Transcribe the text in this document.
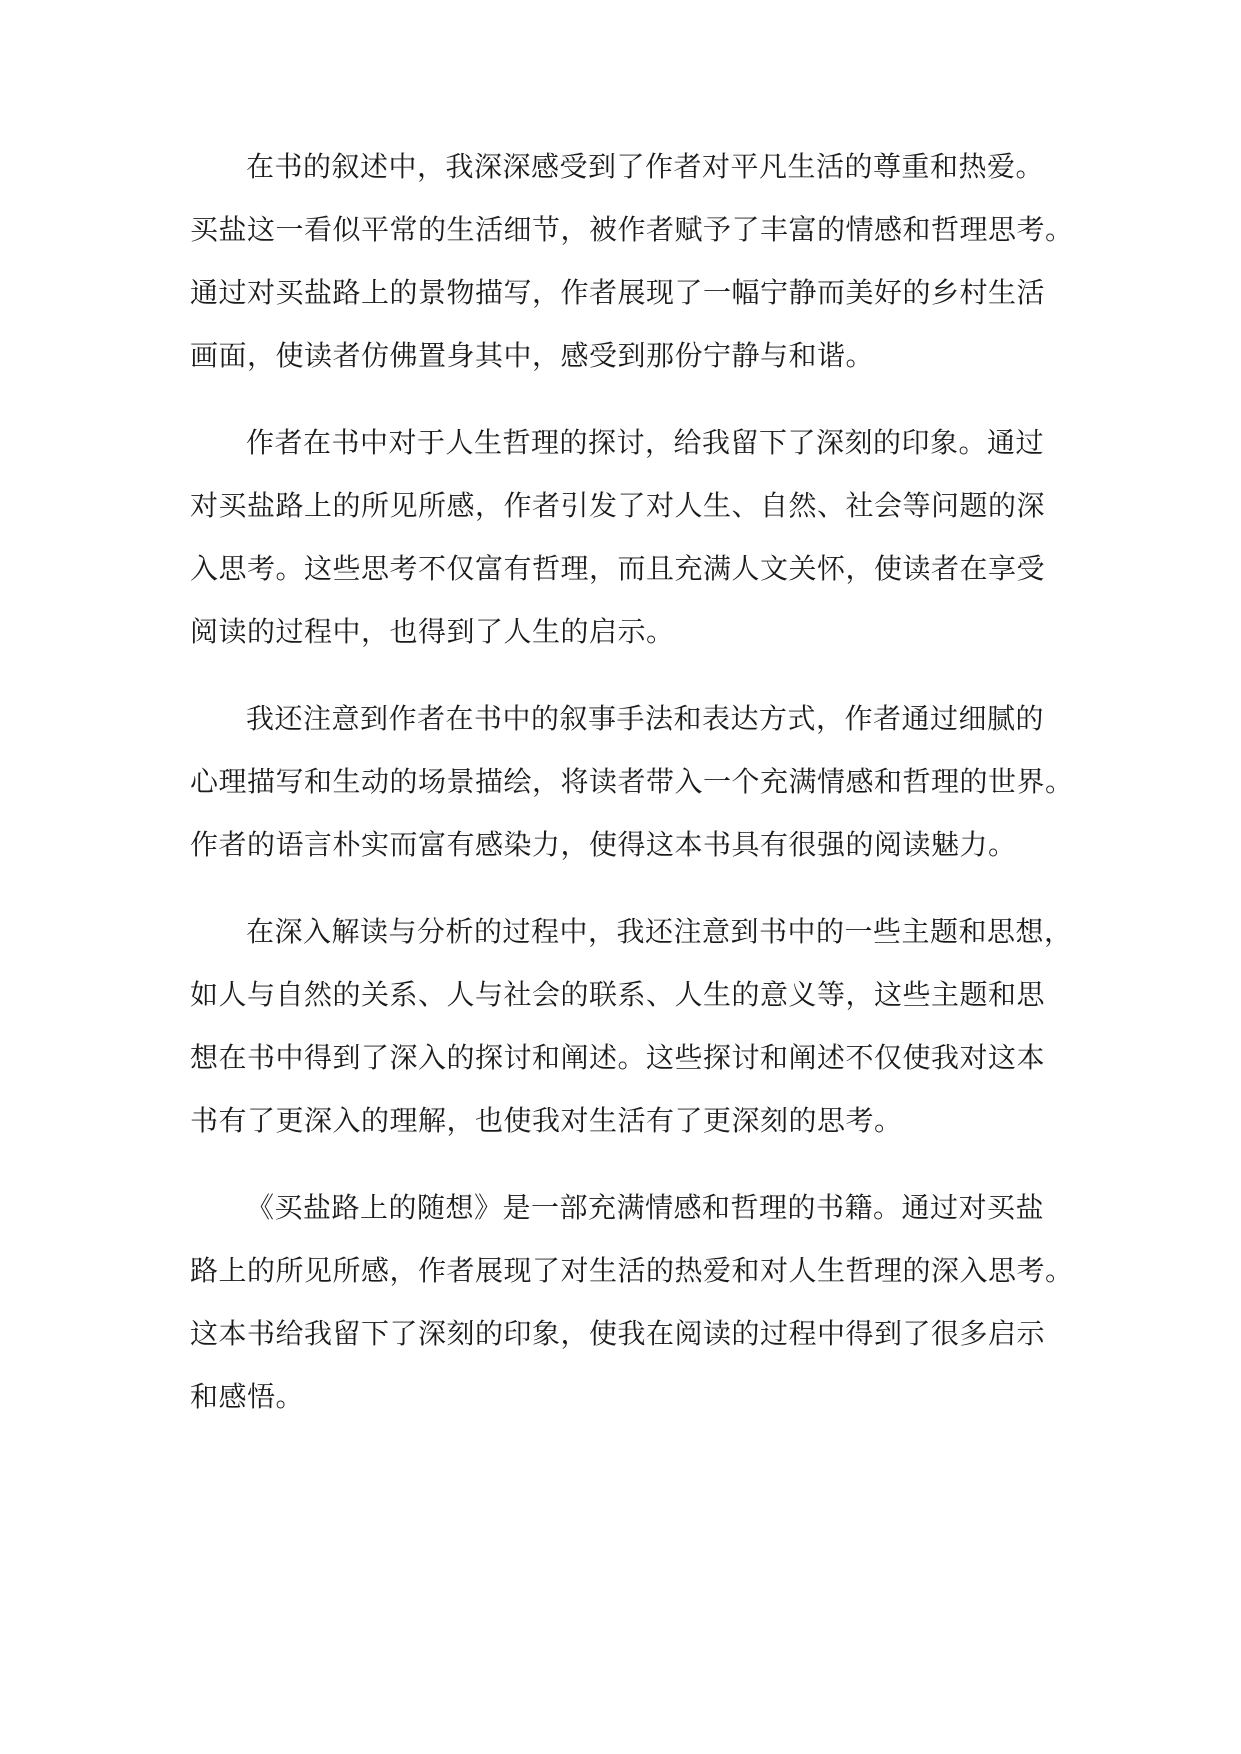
在书的叙述中，我深深感受到了作者对平凡生活的尊重和热爱。
买盐这一看似平常的生活细节，被作者赋予了丰富的情感和哲理思考。
通过对买盐路上的景物描写，作者展现了一幅宁静而美好的乡村生活
画面，使读者仿佛置身其中，感受到那份宁静与和谐。
作者在书中对于人生哲理的探讨，给我留下了深刻的印象。通过
对买盐路上的所见所感，作者引发了对人生、自然、社会等问题的深
入思考。这些思考不仅富有哲理，而且充满人文关怀，使读者在享受
阅读的过程中，也得到了人生的启示。
我还注意到作者在书中的叙事手法和表达方式，作者通过细腻的
心理描写和生动的场景描绘，将读者带入一个充满情感和哲理的世界。
作者的语言朴实而富有感染力，使得这本书具有很强的阅读魅力。
在深入解读与分析的过程中，我还注意到书中的一些主题和思想，
如人与自然的关系、人与社会的联系、人生的意义等，这些主题和思
想在书中得到了深入的探讨和阐述。这些探讨和阐述不仅使我对这本
书有了更深入的理解，也使我对生活有了更深刻的思考。
《买盐路上的随想》是一部充满情感和哲理的书籍。通过对买盐
路上的所见所感，作者展现了对生活的热爱和对人生哲理的深入思考。
这本书给我留下了深刻的印象，使我在阅读的过程中得到了很多启示
和感悟。
